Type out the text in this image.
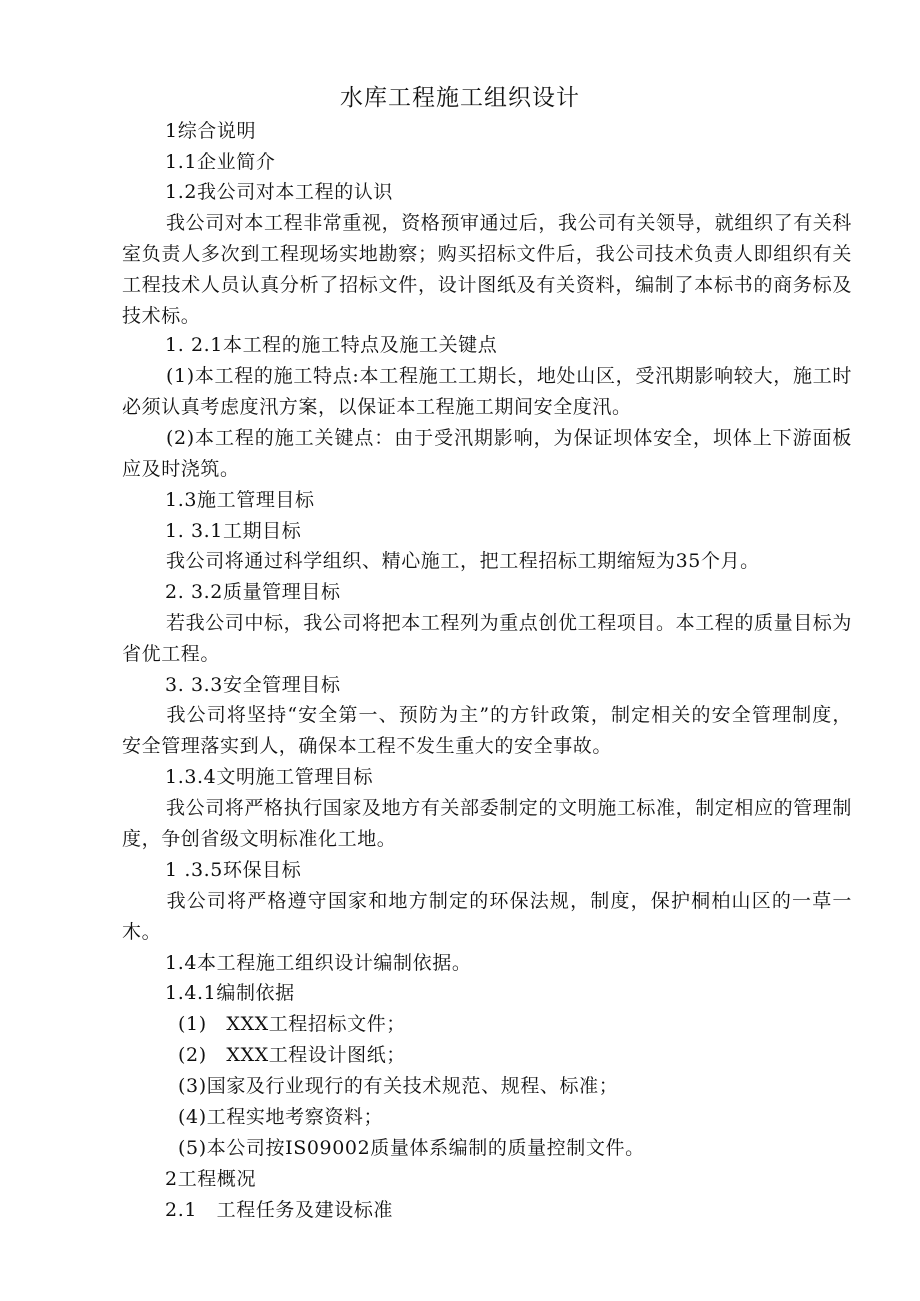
水库工程施工组织设计
1综合说明
1.1企业简介
1.2我公司对本工程的认识
我公司对本工程非常重视，资格预审通过后，我公司有关领导，就组织了有关科室负责人多次到工程现场实地勘察；购买招标文件后，我公司技术负责人即组织有关工程技术人员认真分析了招标文件，设计图纸及有关资料，编制了本标书的商务标及技术标。
1. 2.1本工程的施工特点及施工关键点
(1)本工程的施工特点:本工程施工工期长，地处山区，受汛期影响较大，施工时必须认真考虑度汛方案，以保证本工程施工期间安全度汛。
(2)本工程的施工关键点：由于受汛期影响，为保证坝体安全，坝体上下游面板应及时浇筑。
1.3施工管理目标
1. 3.1工期目标
我公司将通过科学组织、精心施工，把工程招标工期缩短为35个月。
2. 3.2质量管理目标
若我公司中标，我公司将把本工程列为重点创优工程项目。本工程的质量目标为省优工程。
3. 3.3安全管理目标
我公司将坚持“安全第一、预防为主”的方针政策，制定相关的安全管理制度，安全管理落实到人，确保本工程不发生重大的安全事故。
1.3.4文明施工管理目标
我公司将严格执行国家及地方有关部委制定的文明施工标准，制定相应的管理制度，争创省级文明标准化工地。
1 .3.5环保目标
我公司将严格遵守国家和地方制定的环保法规，制度，保护桐柏山区的一草一木。
1.4本工程施工组织设计编制依据。
1.4.1编制依据
(1)　XXX工程招标文件；
(2)　XXX工程设计图纸；
(3)国家及行业现行的有关技术规范、规程、标准；
(4)工程实地考察资料；
(5)本公司按IS09002质量体系编制的质量控制文件。
2工程概况
2.1　工程任务及建设标准
